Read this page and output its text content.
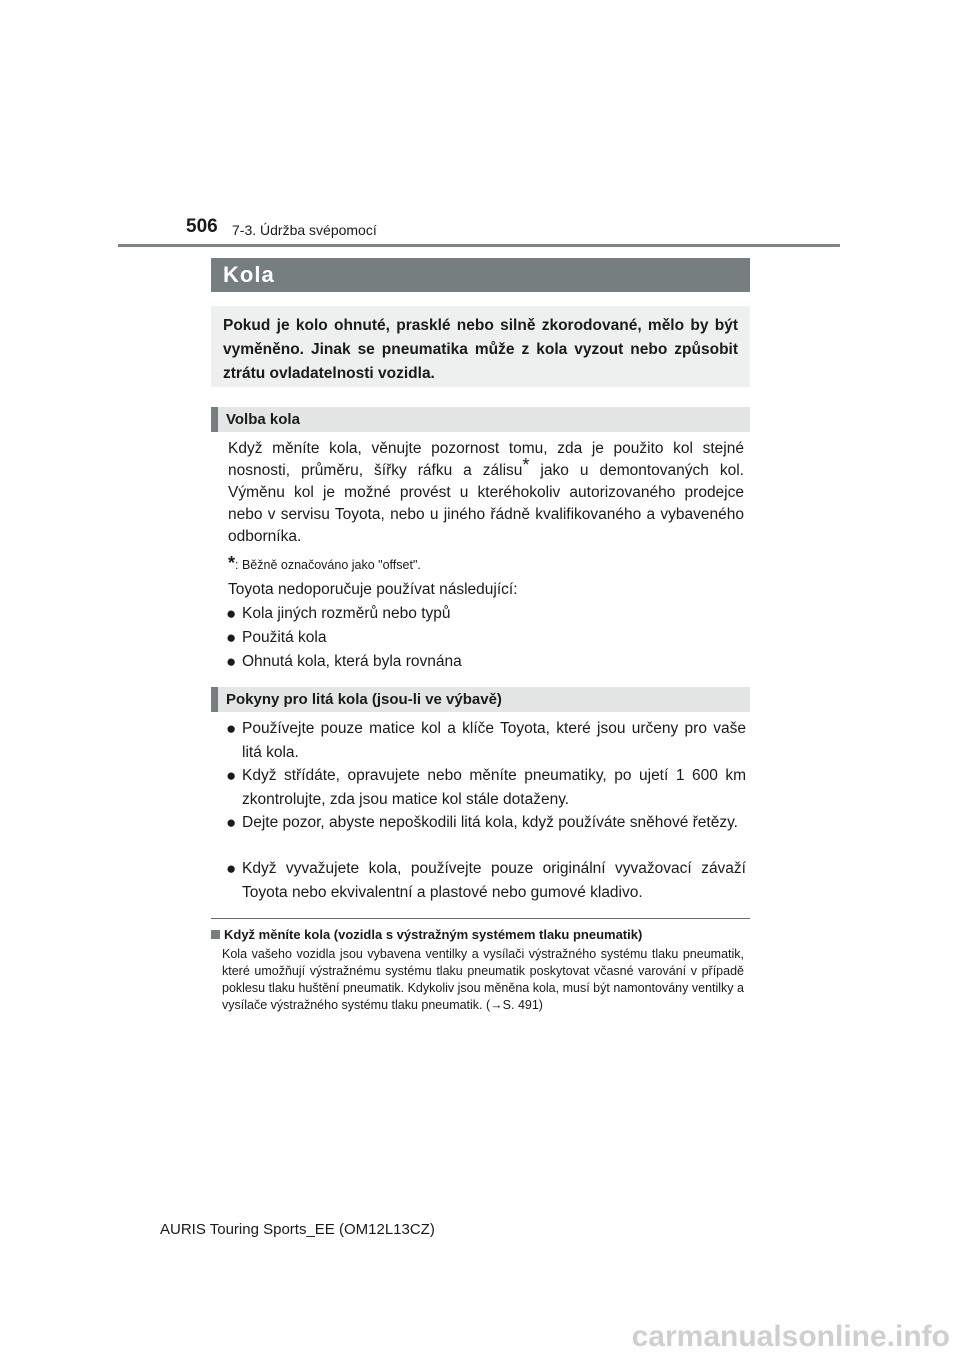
506 7-3. Údržba svépomocí
Kola
Pokud je kolo ohnuté, prasklé nebo silně zkorodované, mělo by být vyměněno. Jinak se pneumatika může z kola vyzout nebo způsobit ztrátu ovladatelnosti vozidla.
Volba kola
Když měníte kola, věnujte pozornost tomu, zda je použito kol stejné nosnosti, průměru, šířky ráfku a zálisu* jako u demontovaných kol. Výměnu kol je možné provést u kteréhokoliv autorizovaného prodejce nebo v servisu Toyota, nebo u jiného řádně kvalifikovaného a vybaveného odborníka.
*: Běžně označováno jako "offset".
Toyota nedoporučuje používat následující:
● Kola jiných rozměrů nebo typů
● Použitá kola
● Ohnutá kola, která byla rovnána
Pokyny pro litá kola (jsou-li ve výbavě)
● Používejte pouze matice kol a klíče Toyota, které jsou určeny pro vaše litá kola.
● Když střídáte, opravujete nebo měníte pneumatiky, po ujetí 1 600 km zkontrolujte, zda jsou matice kol stále dotaženy.
● Dejte pozor, abyste nepoškodili litá kola, když používáte sněhové řetězy.
● Když vyvažujete kola, používejte pouze originální vyvažovací závaží Toyota nebo ekvivalentní a plastové nebo gumové kladivo.
Když měníte kola (vozidla s výstražným systémem tlaku pneumatik)
Kola vašeho vozidla jsou vybavena ventilky a vysílači výstražného systému tlaku pneumatik, které umožňují výstražnému systému tlaku pneumatik poskytovat včasné varování v případě poklesu tlaku huštění pneumatik. Kdykoliv jsou měněna kola, musí být namontovány ventilky a vysílače výstražného systému tlaku pneumatik. (→S. 491)
AURIS Touring Sports_EE (OM12L13CZ)
carmanualsonline.info
